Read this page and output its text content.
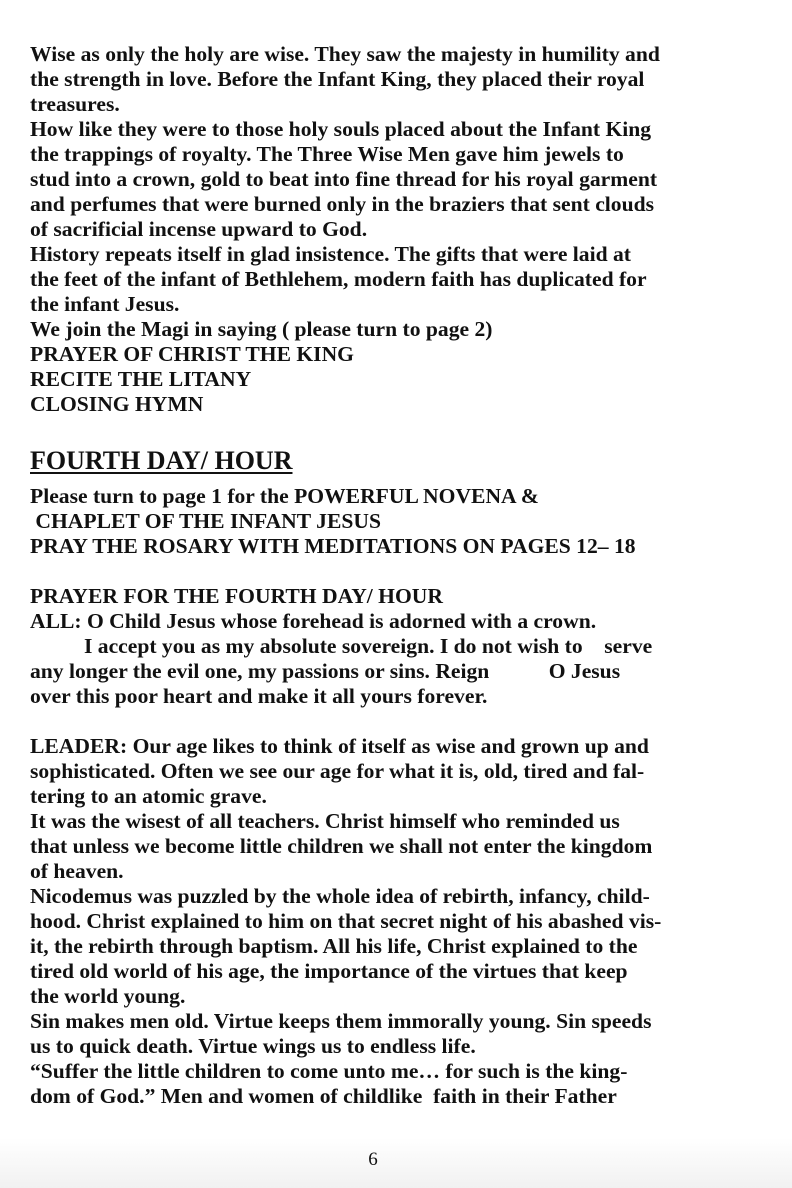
Wise as only the holy are wise. They saw the majesty in humility and
the strength in love. Before the Infant King, they placed their royal
treasures.
How like they were to those holy souls placed about the Infant King
the trappings of royalty. The Three Wise Men gave him jewels to
stud into a crown, gold to beat into fine thread for his royal garment
and perfumes that were burned only in the braziers that sent clouds
of sacrificial incense upward to God.
History repeats itself in glad insistence. The gifts that were laid at
the feet of the infant of Bethlehem, modern faith has duplicated for
the infant Jesus.
We join the Magi in saying ( please turn to page 2)
PRAYER OF CHRIST THE KING
RECITE THE LITANY
CLOSING HYMN
FOURTH DAY/ HOUR
Please turn to page 1 for the POWERFUL NOVENA &
CHAPLET OF THE INFANT JESUS
PRAY THE ROSARY WITH MEDITATIONS ON PAGES 12– 18
PRAYER FOR THE FOURTH DAY/ HOUR
ALL: O Child Jesus whose forehead is adorned with a crown.
I accept you as my absolute sovereign. I do not wish to    serve
any longer the evil one, my passions or sins. Reign           O Jesus
over this poor heart and make it all yours forever.
LEADER: Our age likes to think of itself as wise and grown up and
sophisticated. Often we see our age for what it is, old, tired and fal-
tering to an atomic grave.
It was the wisest of all teachers. Christ himself who reminded us
that unless we become little children we shall not enter the kingdom
of heaven.
Nicodemus was puzzled by the whole idea of rebirth, infancy, child-
hood. Christ explained to him on that secret night of his abashed vis-
it, the rebirth through baptism. All his life, Christ explained to the
tired old world of his age, the importance of the virtues that keep
the world young.
Sin makes men old. Virtue keeps them immorally young. Sin speeds
us to quick death. Virtue wings us to endless life.
“Suffer the little children to come unto me… for such is the king-
dom of God.” Men and women of childlike  faith in their Father
6
